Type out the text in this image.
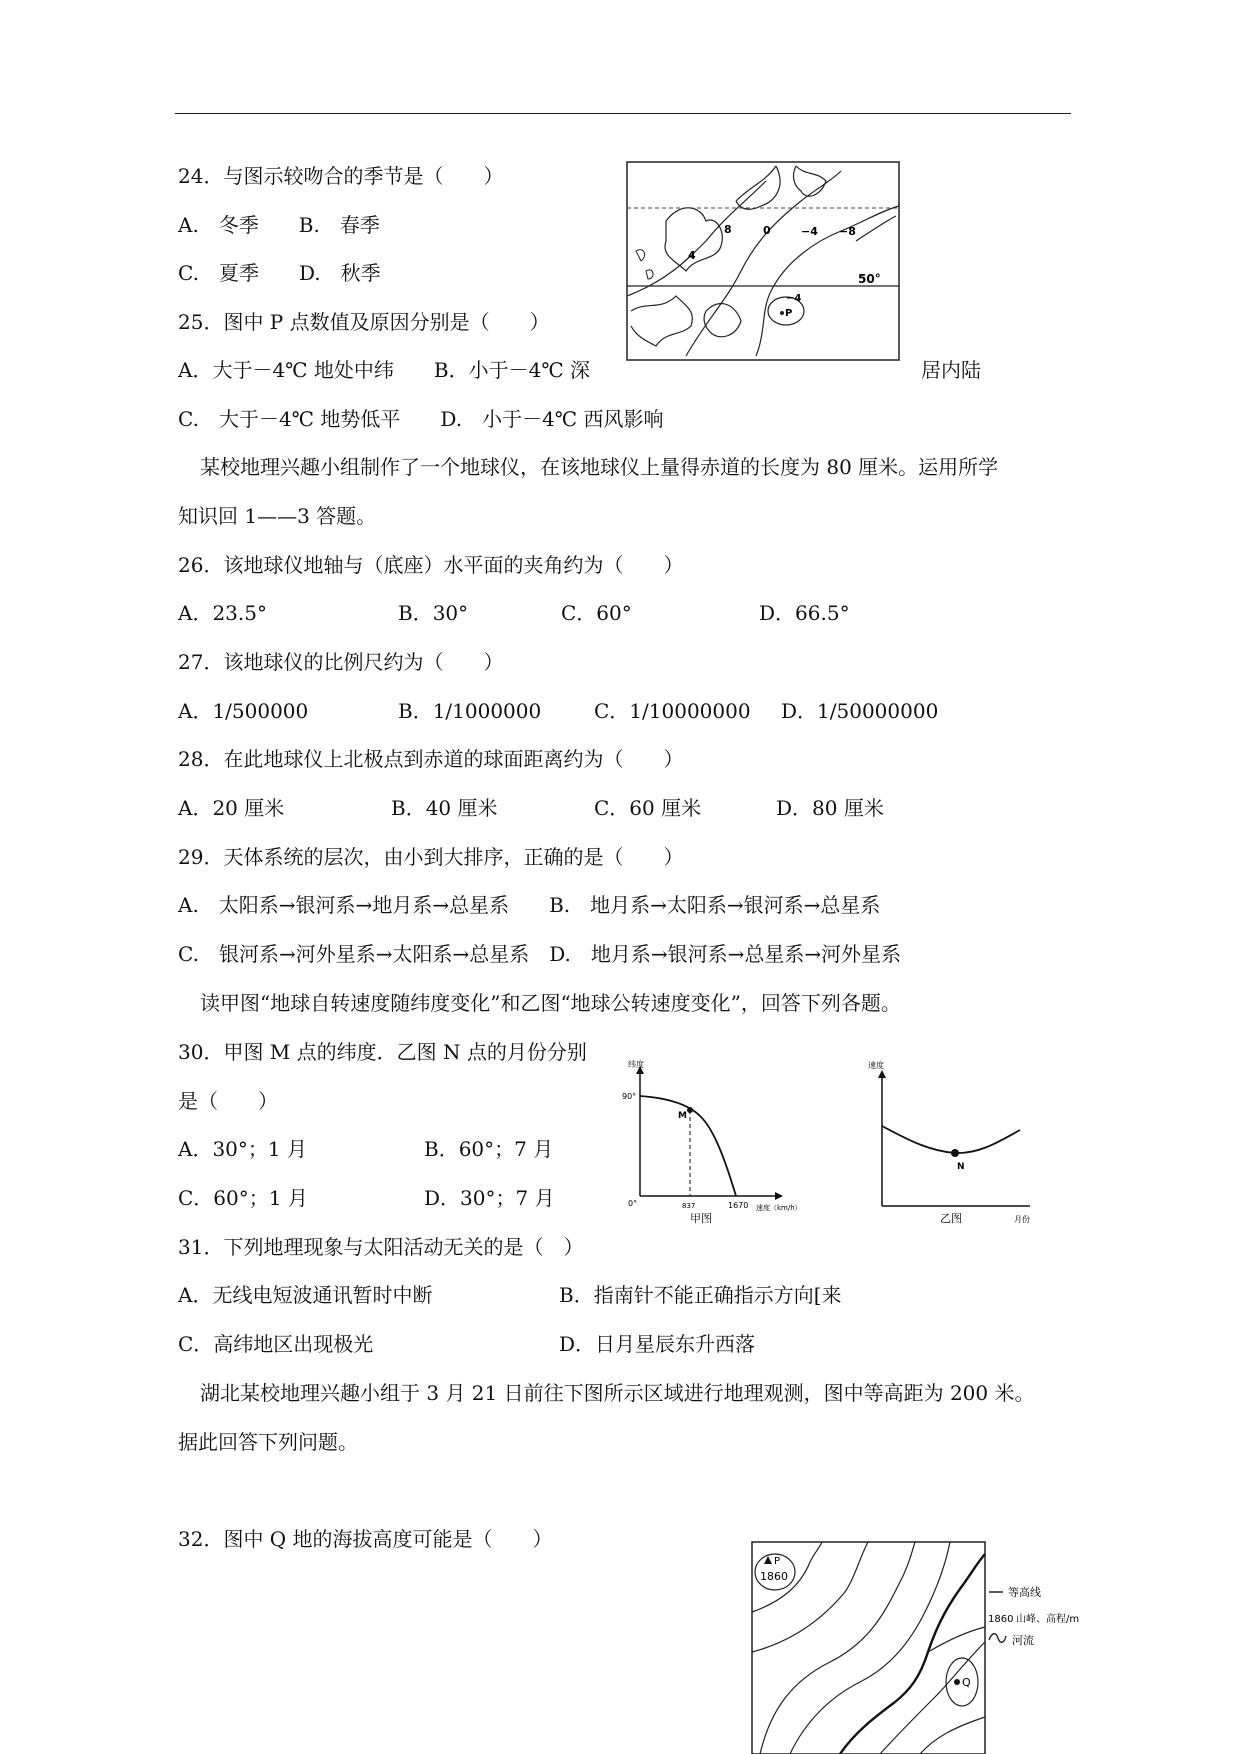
24．与图示较吻合的季节是（　　）
A.　冬季　　B.　春季
C.　夏季　　D.　秋季
25．图中 P 点数值及原因分别是（　　）
A．大于－4℃ 地处中纬　　B．小于－4℃ 深	居内陆
C.　大于－4℃ 地势低平　　D.　小于－4℃ 西风影响
8
4
0	−4 −8
50°
−4
P
某校地理兴趣小组制作了一个地球仪，在该地球仪上量得赤道的长度为 80 厘米。运用所学
知识回 1——3 答题。
26．该地球仪地轴与（底座）水平面的夹角约为（　　）
A．23.5°	B．30°	C．60°	D．66.5°
27．该地球仪的比例尺约为（　　）
A．1/500000	B．1/1000000	C．1/10000000 D．1/50000000
28．在此地球仪上北极点到赤道的球面距离约为（　　）
A．20 厘米	B．40 厘米	C．60 厘米	D．80 厘米
29．天体系统的层次，由小到大排序，正确的是（　　）
A.　太阳系→银河系→地月系→总星系　　B.　地月系→太阳系→银河系→总星系
C.　银河系→河外星系→太阳系→总星系　D.　地月系→银河系→总星系→河外星系
读甲图“地球自转速度随纬度变化”和乙图“地球公转速度变化”，回答下列各题。
30．甲图 M 点的纬度．乙图 N 点的月份分别
是（　　）
A．30°；1 月	B．60°；7 月
C．60°；1 月	D．30°；7 月
纬度
90°
0°	837	1670 速度（km/h）
M
甲图
速度
N
乙图	月份
31．下列地理现象与太阳活动无关的是（　）
A．无线电短波通讯暂时中断	B．指南针不能正确指示方向[来
C．高纬地区出现极光	D．日月星辰东升西落
湖北某校地理兴趣小组于 3 月 21 日前往下图所示区域进行地理观测，图中等高距为 200 米。
据此回答下列问题。
32．图中 Q 地的海拔高度可能是（　　）
P
1860
Q
等高线
1860 山峰、高程/m
河流
